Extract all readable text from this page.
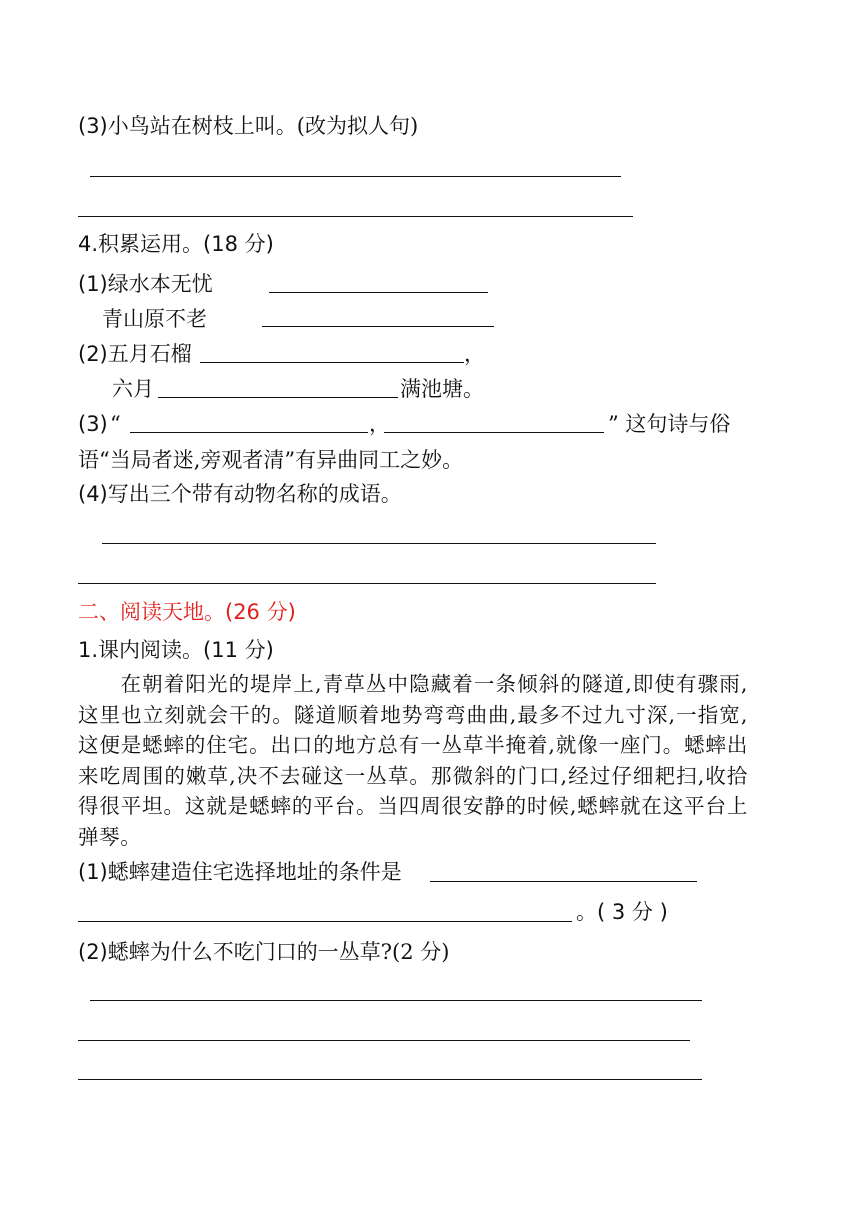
(3)小鸟站在树枝上叫。(改为拟人句)
4.积累运用。(18 分)
(1)绿水本无忧
青山原不老
(2)五月石榴	，
六月	满池塘。
(3) “	，	” 这句诗与俗
语“当局者迷,旁观者清”有异曲同工之妙。
(4)写出三个带有动物名称的成语。
二、阅读天地。(26 分)
1.课内阅读。(11 分)
在朝着阳光的堤岸上,青草丛中隐藏着一条倾斜的隧道,即使有骤雨,这里也立刻就会干的。隧道顺着地势弯弯曲曲,最多不过九寸深,一指宽,这便是蟋蟀的住宅。出口的地方总有一丛草半掩着,就像一座门。蟋蟀出来吃周围的嫩草,决不去碰这一丛草。那微斜的门口,经过仔细耙扫,收拾得很平坦。这就是蟋蟀的平台。当四周很安静的时候,蟋蟀就在这平台上弹琴。
(1)蟋蟀建造住宅选择地址的条件是
。( 3 分 )
(2)蟋蟀为什么不吃门口的一丛草?(2 分)
